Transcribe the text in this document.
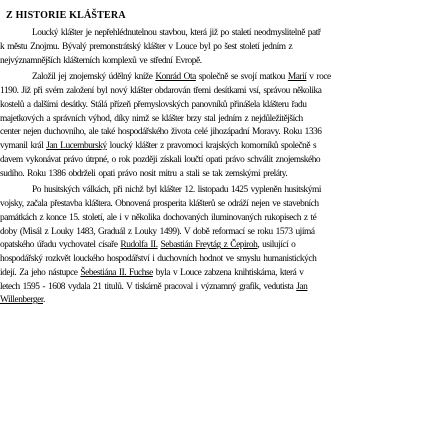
Z HISTORIE KLÁŠTERA
Loucký klášter je nepřehlédnutelnou stavbou, která již po staletí neodmyslitelně patř
k městu Znojmu. Bývalý premonstrátský klášter v Louce byl po šest století jedním z
nejvýznamnějších klášterních komplexů ve střední Evropě.
Založil jej znojemský údělný kníže Konrád Ota společně se svojí matkou Marií v roce
1190. Již při svém založení byl nový klášter obdarován třemi desítkami vsí, správou několika
kostelů a dalšími desátky. Stálá přízeň přemyslovských panovníků přinášela klášteru řadu
majetkových a správních výhod, díky nimž se klášter brzy stal jedním z nejdůležitějších
center nejen duchovního, ale také hospodářského života celé jihozápadní Moravy. Roku 1336
vymanil král Jan Lucemburský loucký klášter z pravomoci krajských komorníků společně s
davem vykonávat právo útrpné, o rok později získali loučtí opati právo schválit znojemského
sudího. Roku 1386 obdrželi opati právo nosit mitru a stali se tak zemskými preláty.
Po husitských válkách, při nichž byl klášter 12. listopadu 1425 vypleněn husitskými
vojsky, začala přestavba kláštera. Obnovená prosperita klášterů se odráží nejen ve stavebních
památkách z konce 15. století, ale i v několika dochovaných iluminovaných rukopisech z té
doby (Misál z Louky 1483, Graduál z Louky 1499). V době reformací se roku 1573 ujímá
opatského úřadu vychovatel císaře Rudolfa II. Sebastián Freytág z Čepiroh, usilující o
hospodářský rozkvět louckého hospodářství i duchovních hodnot ve smyslu humanistických
idejí. Za jeho nástupce Šebestiána II. Fuchse byla v Louce zabzena knihtiskárna, která v
letech 1595 - 1608 vydala 21 titulů. V tiskárně pracoval i významný grafik, vedutista Jan
Willenberger.
